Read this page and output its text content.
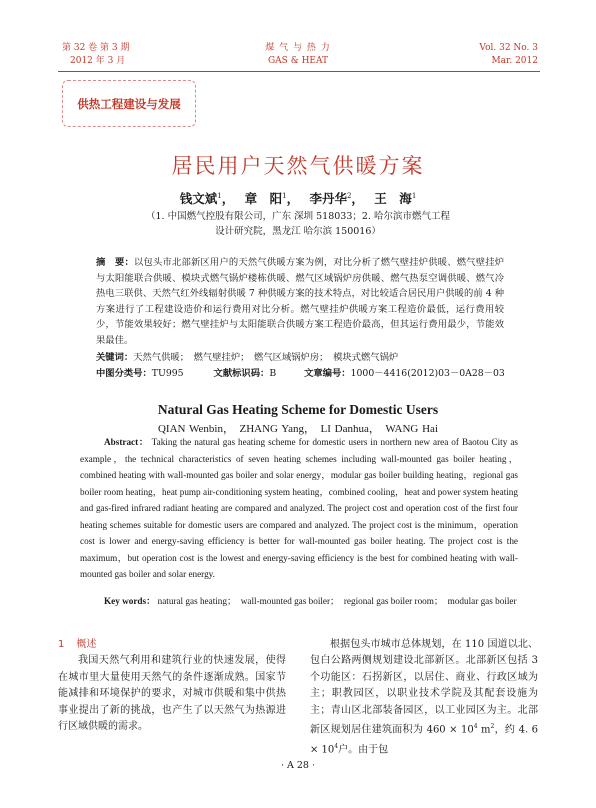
第 32 卷 第 3 期
2012 年 3 月
煤 气 与 热 力
GAS & HEAT
Vol. 32 No. 3
Mar. 2012
供热工程建设与发展
居民用户天然气供暖方案
钱文斌$^1$， 章　阳$^1$， 李丹华$^2$， 王　海$^1$
（1. 中国燃气控股有限公司，广东 深圳 518033；2. 哈尔滨市燃气工程
设计研究院，黑龙江 哈尔滨 150016）
摘　要：以包头市北部新区用户的天然气供暖方案为例，对比分析了燃气壁挂炉供暖、燃气壁挂炉与太阳能联合供暖、模块式燃气锅炉楼栋供暖、燃气区域锅炉房供暖、燃气热泵空调供暖、燃气冷热电三联供、天然气红外线辐射供暖 7 种供暖方案的技术特点，对比较适合居民用户供暖的前 4 种方案进行了工程建设造价和运行费用对比分析。燃气壁挂炉供暖方案工程造价最低，运行费用较少，节能效果较好；燃气壁挂炉与太阳能联合供暖方案工程造价最高，但其运行费用最少，节能效果最佳。
关键词：天然气供暖；　燃气壁挂炉；　燃气区域锅炉房；　模块式燃气锅炉
中图分类号：TU995	文献标识码：B	文章编号：1000－4416(2012)03－0A28－03
Natural Gas Heating Scheme for Domestic Users
QIAN Wenbin，　ZHANG Yang，　LI Danhua，　WANG Hai
Abstract： Taking the natural gas heating scheme for domestic users in northern new area of Baotou City as example，the technical characteristics of seven heating schemes including wall-mounted gas boiler heating，combined heating with wall-mounted gas boiler and solar energy，modular gas boiler building heating，regional gas boiler room heating，heat pump air-conditioning system heating，combined cooling，heat and power system heating and gas-fired infrared radiant heating are compared and analyzed. The project cost and operation cost of the first four heating schemes suitable for domestic users are compared and analyzed. The project cost is the minimum，operation cost is lower and energy-saving efficiency is better for wall-mounted gas boiler heating. The project cost is the maximum，but operation cost is the lowest and energy-saving efficiency is the best for combined heating with wall-mounted gas boiler and solar energy.
Key words： natural gas heating；　wall-mounted gas boiler；　regional gas boiler room；　modular gas boiler
1 概述
我国天然气利用和建筑行业的快速发展，使得在城市里大量使用天然气的条件逐渐成熟。国家节能减排和环境保护的要求，对城市供暖和集中供热事业提出了新的挑战，也产生了以天然气为热源进行区域供暖的需求。
根据包头市城市总体规划，在 110 国道以北、包白公路两侧规划建设北部新区。北部新区包括 3 个功能区：石拐新区，以居住、商业、行政区域为主；职教园区，以职业技术学院及其配套设施为主；青山区北部装备园区，以工业园区为主。北部新区规划居住建筑面积为 $460 \times 10^4$ $m^2$，约 4. $6 \times 10^4$户。由于包
· A 28 ·
